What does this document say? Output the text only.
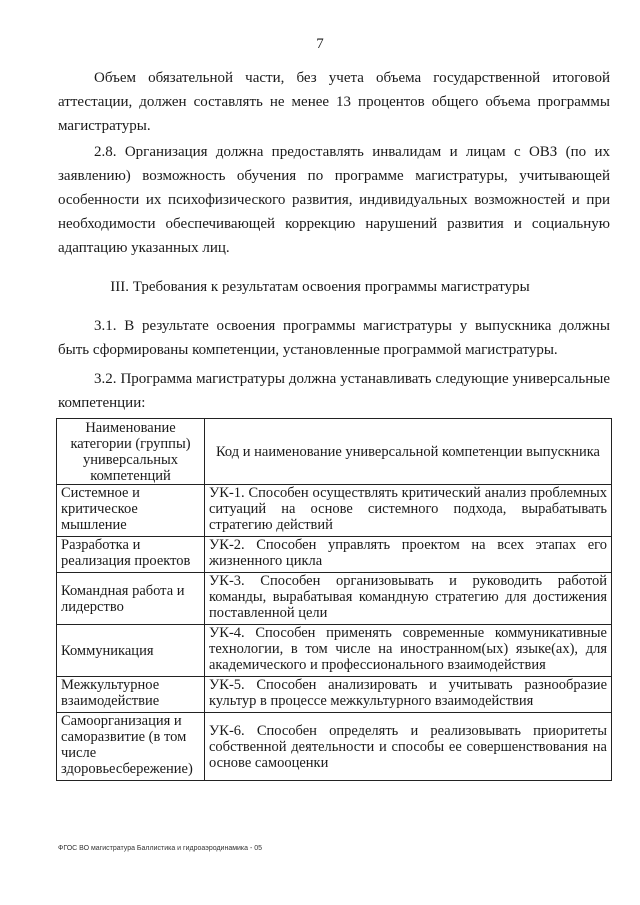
7

Объем обязательной части, без учета объема государственной итоговой аттестации, должен составлять не менее 13 процентов общего объема программы магистратуры.

2.8. Организация должна предоставлять инвалидам и лицам с ОВЗ (по их заявлению) возможность обучения по программе магистратуры, учитывающей особенности их психофизического развития, индивидуальных возможностей и при необходимости обеспечивающей коррекцию нарушений развития и социальную адаптацию указанных лиц.

III. Требования к результатам освоения программы магистратуры

3.1. В результате освоения программы магистратуры у выпускника должны быть сформированы компетенции, установленные программой магистратуры.

3.2. Программа магистратуры должна устанавливать следующие универсальные компетенции:

Наименование категории (группы) универсальных компетенций	Код и наименование универсальной компетенции выпускника
Системное и критическое мышление	УК-1. Способен осуществлять критический анализ проблемных ситуаций на основе системного подхода, вырабатывать стратегию действий
Разработка и реализация проектов	УК-2. Способен управлять проектом на всех этапах его жизненного цикла
Командная работа и лидерство	УК-3. Способен организовывать и руководить работой команды, вырабатывая командную стратегию для достижения поставленной цели
Коммуникация	УК-4. Способен применять современные коммуникативные технологии, в том числе на иностранном(ых) языке(ах), для академического и профессионального взаимодействия
Межкультурное взаимодействие	УК-5. Способен анализировать и учитывать разнообразие культур в процессе межкультурного взаимодействия
Самоорганизация и саморазвитие (в том числе здоровьесбережение)	УК-6. Способен определять и реализовывать приоритеты собственной деятельности и способы ее совершенствования на основе самооценки
ФГОС ВО магистратура Баллистика и гидроаэродинамика - 05
